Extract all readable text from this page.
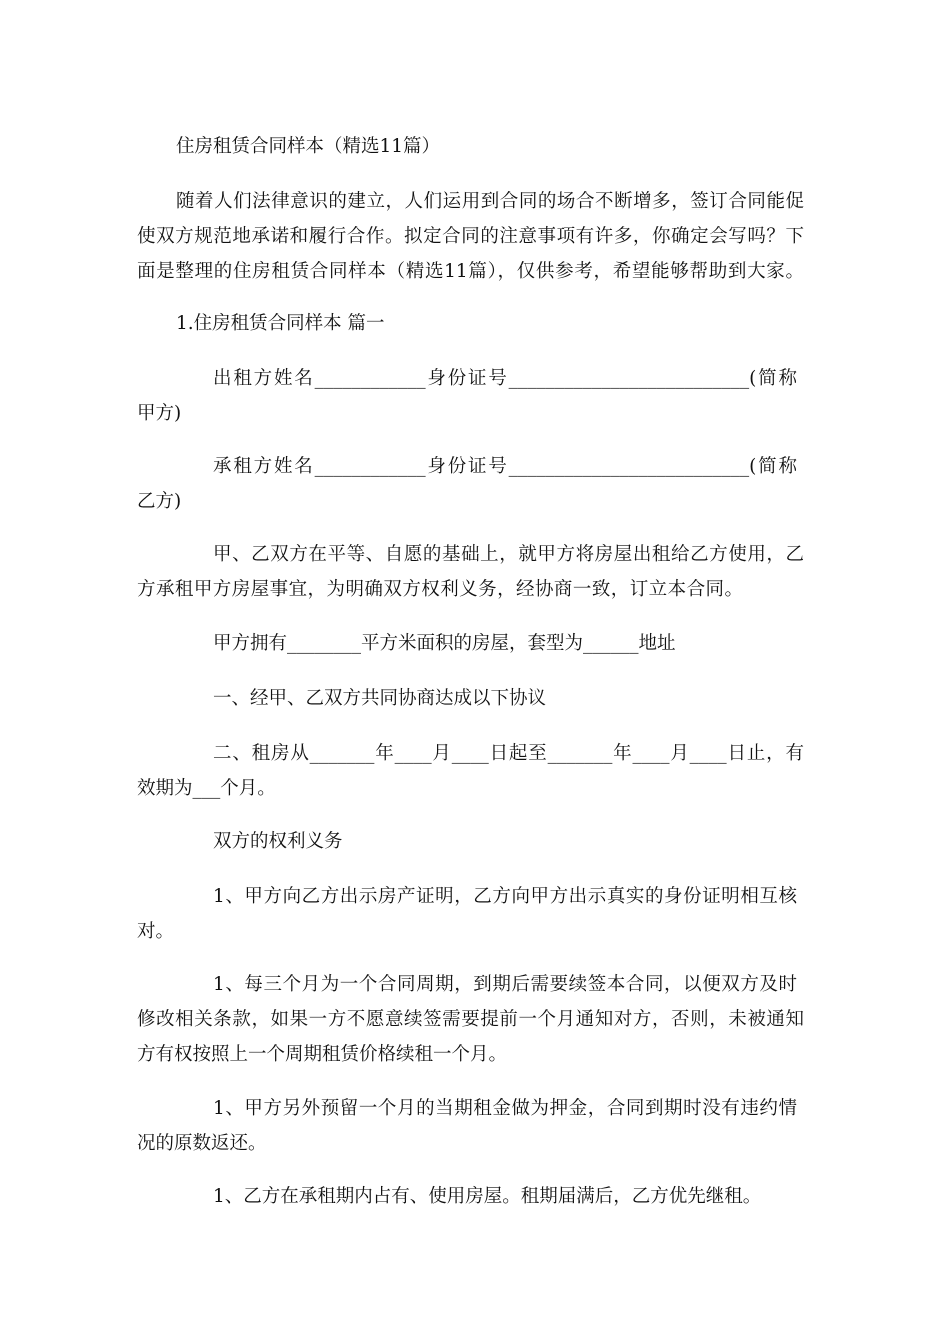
住房租赁合同样本（精选11篇）
随着人们法律意识的建立，人们运用到合同的场合不断增多，签订合同能促
使双方规范地承诺和履行合作。拟定合同的注意事项有许多，你确定会写吗？下
面是整理的住房租赁合同样本（精选11篇），仅供参考，希望能够帮助到大家。
1.住房租赁合同样本 篇一
出租方姓名____________身份证号__________________________(简称
甲方)
承租方姓名____________身份证号__________________________(简称
乙方)
甲、乙双方在平等、自愿的基础上，就甲方将房屋出租给乙方使用，乙
方承租甲方房屋事宜，为明确双方权利义务，经协商一致，订立本合同。
甲方拥有________平方米面积的房屋，套型为______地址
一、经甲、乙双方共同协商达成以下协议
二、租房从_______年____月____日起至_______年____月____日止，有
效期为___个月。
双方的权利义务
1、甲方向乙方出示房产证明，乙方向甲方出示真实的身份证明相互核
对。
1、每三个月为一个合同周期，到期后需要续签本合同，以便双方及时
修改相关条款，如果一方不愿意续签需要提前一个月通知对方，否则，未被通知
方有权按照上一个周期租赁价格续租一个月。
1、甲方另外预留一个月的当期租金做为押金，合同到期时没有违约情
况的原数返还。
1、乙方在承租期内占有、使用房屋。租期届满后，乙方优先继租。
